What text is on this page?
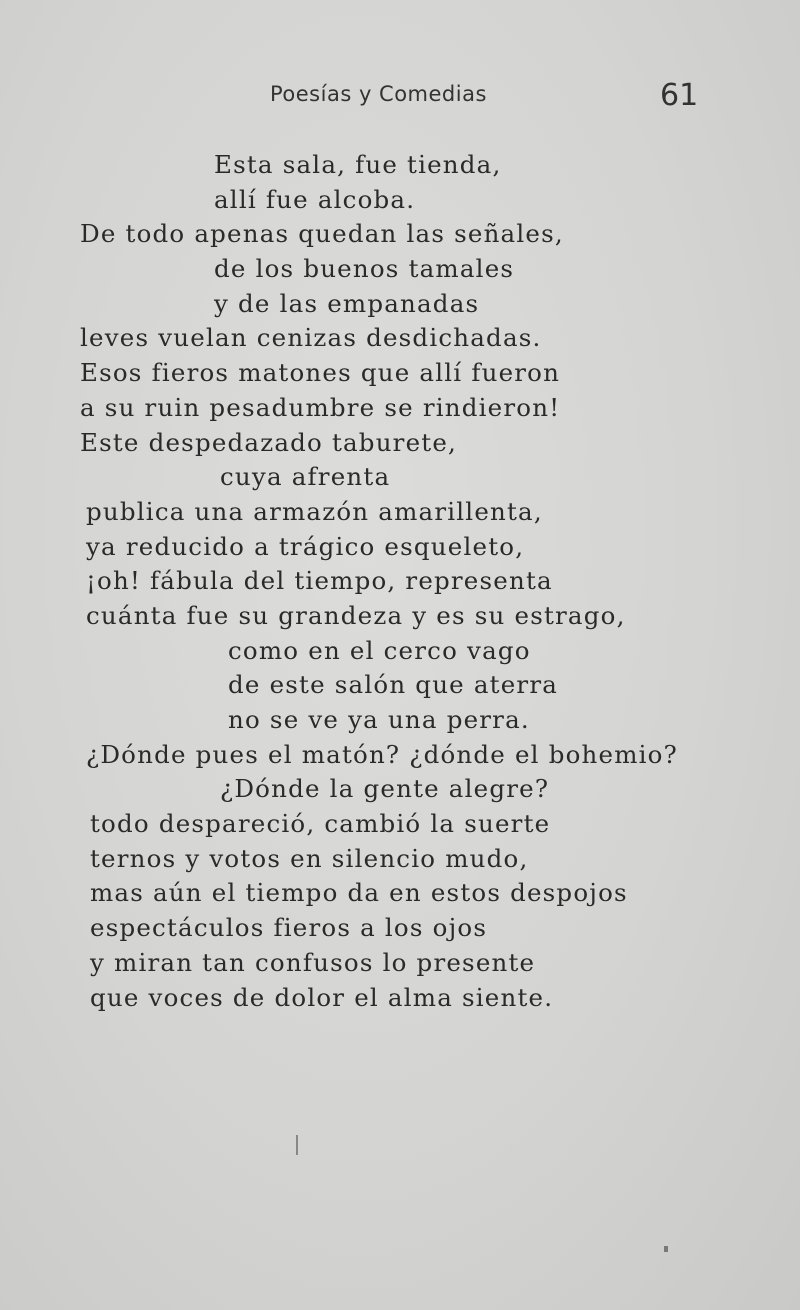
Poesías y Comedias	61
Esta sala, fue tienda,
allí fue alcoba.
De todo apenas quedan las señales,
de los buenos tamales
y de las empanadas
leves vuelan cenizas desdichadas.
Esos fieros matones que allí fueron
a su ruin pesadumbre se rindieron!
Este despedazado taburete,
cuya afrenta
publica una armazón amarillenta,
ya reducido a trágico esqueleto,
¡oh! fábula del tiempo, representa
cuánta fue su grandeza y es su estrago,
como en el cerco vago
de este salón que aterra
no se ve ya una perra.
¿Dónde pues el matón? ¿dónde el bohemio?
¿Dónde la gente alegre?
todo despareció, cambió la suerte
ternos y votos en silencio mudo,
mas aún el tiempo da en estos despojos
espectáculos fieros a los ojos
y miran tan confusos lo presente
que voces de dolor el alma siente.
